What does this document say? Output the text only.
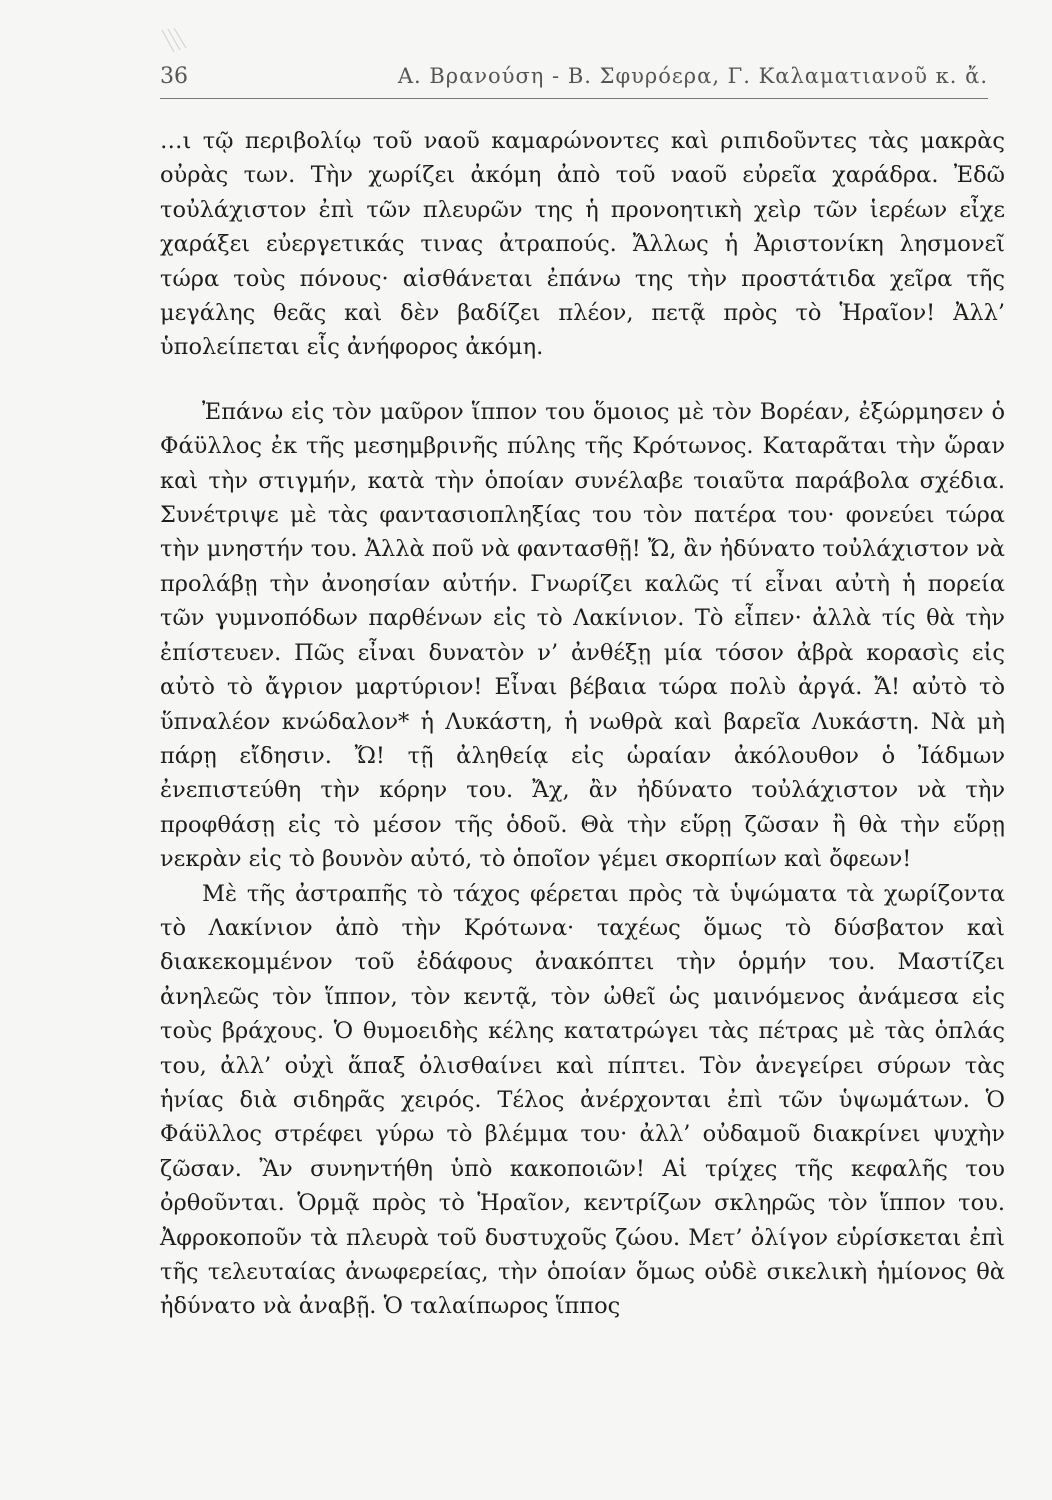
36	Α. Βρανούση - Β. Σφυρόερα, Γ. Καλαματιανοῦ κ. ἄ.

…ι τῷ περιβολίῳ τοῦ ναοῦ καμαρώνοντες καὶ ριπιδοῦντες τὰς μακρὰς οὐρὰς των. Τὴν χωρίζει ἀκόμη ἀπὸ τοῦ ναοῦ εὐρεῖα χαράδρα. Ἐδῶ τοὐλάχιστον ἐπὶ τῶν πλευρῶν της ἡ προνοητικὴ χεὶρ τῶν ἱερέων εἶχε χαράξει εὐεργετικάς τινας ἀτραπούς. Ἄλλως ἡ Ἀριστονίκη λησμονεῖ τώρα τοὺς πόνους· αἰσθάνεται ἐπάνω της τὴν προστάτιδα χεῖρα τῆς μεγάλης θεᾶς καὶ δὲν βαδίζει πλέον, πετᾷ πρὸς τὸ Ἡραῖον! Ἀλλ’ ὑπολείπεται εἷς ἀνήφορος ἀκόμη.

Ἐπάνω εἰς τὸν μαῦρον ἵππον του ὅμοιος μὲ τὸν Βορέαν, ἐξώρμησεν ὁ Φάϋλλος ἐκ τῆς μεσημβρινῆς πύλης τῆς Κρότωνος. Καταρᾶται τὴν ὥραν καὶ τὴν στιγμήν, κατὰ τὴν ὁποίαν συνέλαβε τοιαῦτα παράβολα σχέδια. Συνέτριψε μὲ τὰς φαντασιοπληξίας του τὸν πατέρα του· φονεύει τώρα τὴν μνηστήν του. Ἀλλὰ ποῦ νὰ φαντασθῇ! Ὤ, ἂν ἠδύνατο τοὐλάχιστον νὰ προλάβῃ τὴν ἀνοησίαν αὐτήν. Γνωρίζει καλῶς τί εἶναι αὐτὴ ἡ πορεία τῶν γυμνοπόδων παρθένων εἰς τὸ Λακίνιον. Τὸ εἶπεν· ἀλλὰ τίς θὰ τὴν ἐπίστευεν. Πῶς εἶναι δυνατὸν ν’ ἀνθέξῃ μία τόσον ἀβρὰ κορασὶς εἰς αὐτὸ τὸ ἄγριον μαρτύριον! Εἶναι βέβαια τώρα πολὺ ἀργά. Ἄ! αὐτὸ τὸ ὕπναλέον κνώδαλον* ἡ Λυκάστη, ἡ νωθρὰ καὶ βαρεῖα Λυκάστη. Νὰ μὴ πάρῃ εἴδησιν. Ὤ! τῇ ἀληθείᾳ εἰς ὡραίαν ἀκόλουθον ὁ Ἰάδμων ἐνεπιστεύθη τὴν κόρην του. Ἄχ, ἂν ἠδύνατο τοὐλάχιστον νὰ τὴν προφθάσῃ εἰς τὸ μέσον τῆς ὁδοῦ. Θὰ τὴν εὕρῃ ζῶσαν ἢ θὰ τὴν εὕρῃ νεκρὰν εἰς τὸ βουνὸν αὐτό, τὸ ὁποῖον γέμει σκορπίων καὶ ὄφεων!

Μὲ τῆς ἀστραπῆς τὸ τάχος φέρεται πρὸς τὰ ὑψώματα τὰ χωρίζοντα τὸ Λακίνιον ἀπὸ τὴν Κρότωνα· ταχέως ὅμως τὸ δύσβατον καὶ διακεκομμένον τοῦ ἐδάφους ἀνακόπτει τὴν ὁρμήν του. Μαστίζει ἀνηλεῶς τὸν ἵππον, τὸν κεντᾷ, τὸν ὠθεῖ ὡς μαινόμενος ἀνάμεσα εἰς τοὺς βράχους. Ὁ θυμοειδὴς κέλης κατατρώγει τὰς πέτρας μὲ τὰς ὁπλάς του, ἀλλ’ οὐχὶ ἅπαξ ὀλισθαίνει καὶ πίπτει. Τὸν ἀνεγείρει σύρων τὰς ἡνίας διὰ σιδηρᾶς χειρός. Τέλος ἀνέρχονται ἐπὶ τῶν ὑψωμάτων. Ὁ Φάϋλλος στρέφει γύρω τὸ βλέμμα του· ἀλλ’ οὐδαμοῦ διακρίνει ψυχὴν ζῶσαν. Ἂν συνηντήθη ὑπὸ κακοποιῶν! Αἱ τρίχες τῆς κεφαλῆς του ὀρθοῦνται. Ὁρμᾷ πρὸς τὸ Ἡραῖον, κεντρίζων σκληρῶς τὸν ἵππον του. Ἀφροκοποῦν τὰ πλευρὰ τοῦ δυστυχοῦς ζώου. Μετ’ ὀλίγον εὑρίσκεται ἐπὶ τῆς τελευταίας ἀνωφερείας, τὴν ὁποίαν ὅμως οὐδὲ σικελικὴ ἡμίονος θὰ ἠδύνατο νὰ ἀναβῇ. Ὁ ταλαίπωρος ἵππος
